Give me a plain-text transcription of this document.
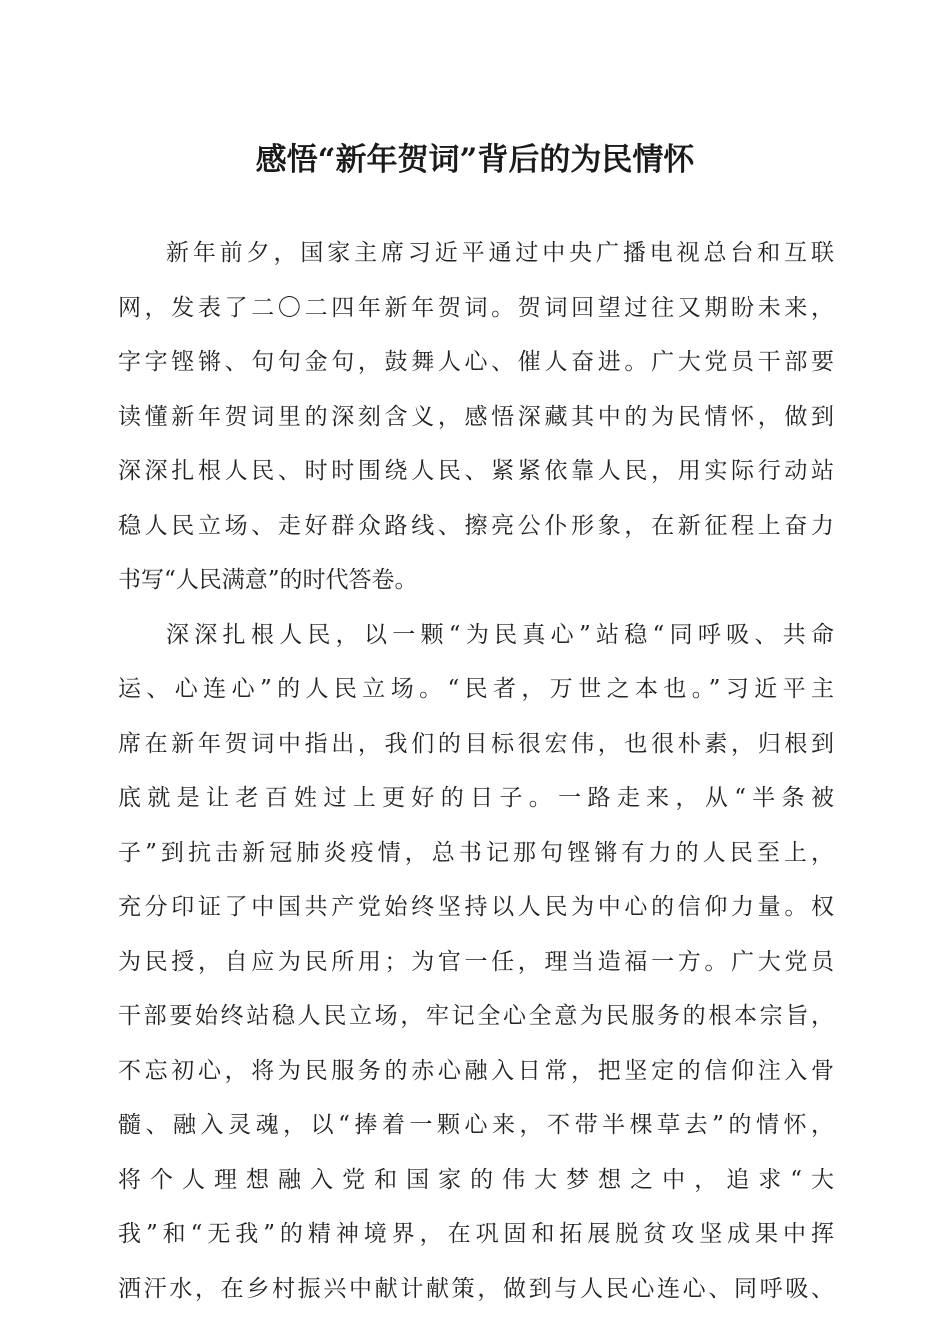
感悟“新年贺词”背后的为民情怀
新年前夕，国家主席习近平通过中央广播电视总台和互联
网，发表了二〇二四年新年贺词。贺词回望过往又期盼未来，
字字铿锵、句句金句，鼓舞人心、催人奋进。广大党员干部要
读懂新年贺词里的深刻含义，感悟深藏其中的为民情怀，做到
深深扎根人民、时时围绕人民、紧紧依靠人民，用实际行动站
稳人民立场、走好群众路线、擦亮公仆形象，在新征程上奋力
书写“人民满意”的时代答卷。
深深扎根人民，以一颗“为民真心”站稳“同呼吸、共命
运、心连心”的人民立场。“民者，万世之本也。”习近平主
席在新年贺词中指出，我们的目标很宏伟，也很朴素，归根到
底就是让老百姓过上更好的日子。一路走来，从“半条被
子”到抗击新冠肺炎疫情，总书记那句铿锵有力的人民至上，
充分印证了中国共产党始终坚持以人民为中心的信仰力量。权
为民授，自应为民所用；为官一任，理当造福一方。广大党员
干部要始终站稳人民立场，牢记全心全意为民服务的根本宗旨，
不忘初心，将为民服务的赤心融入日常，把坚定的信仰注入骨
髓、融入灵魂，以“捧着一颗心来，不带半棵草去”的情怀，
将个人理想融入党和国家的伟大梦想之中，追求“大
我”和“无我”的精神境界，在巩固和拓展脱贫攻坚成果中挥
洒汗水，在乡村振兴中献计献策，做到与人民心连心、同呼吸、
